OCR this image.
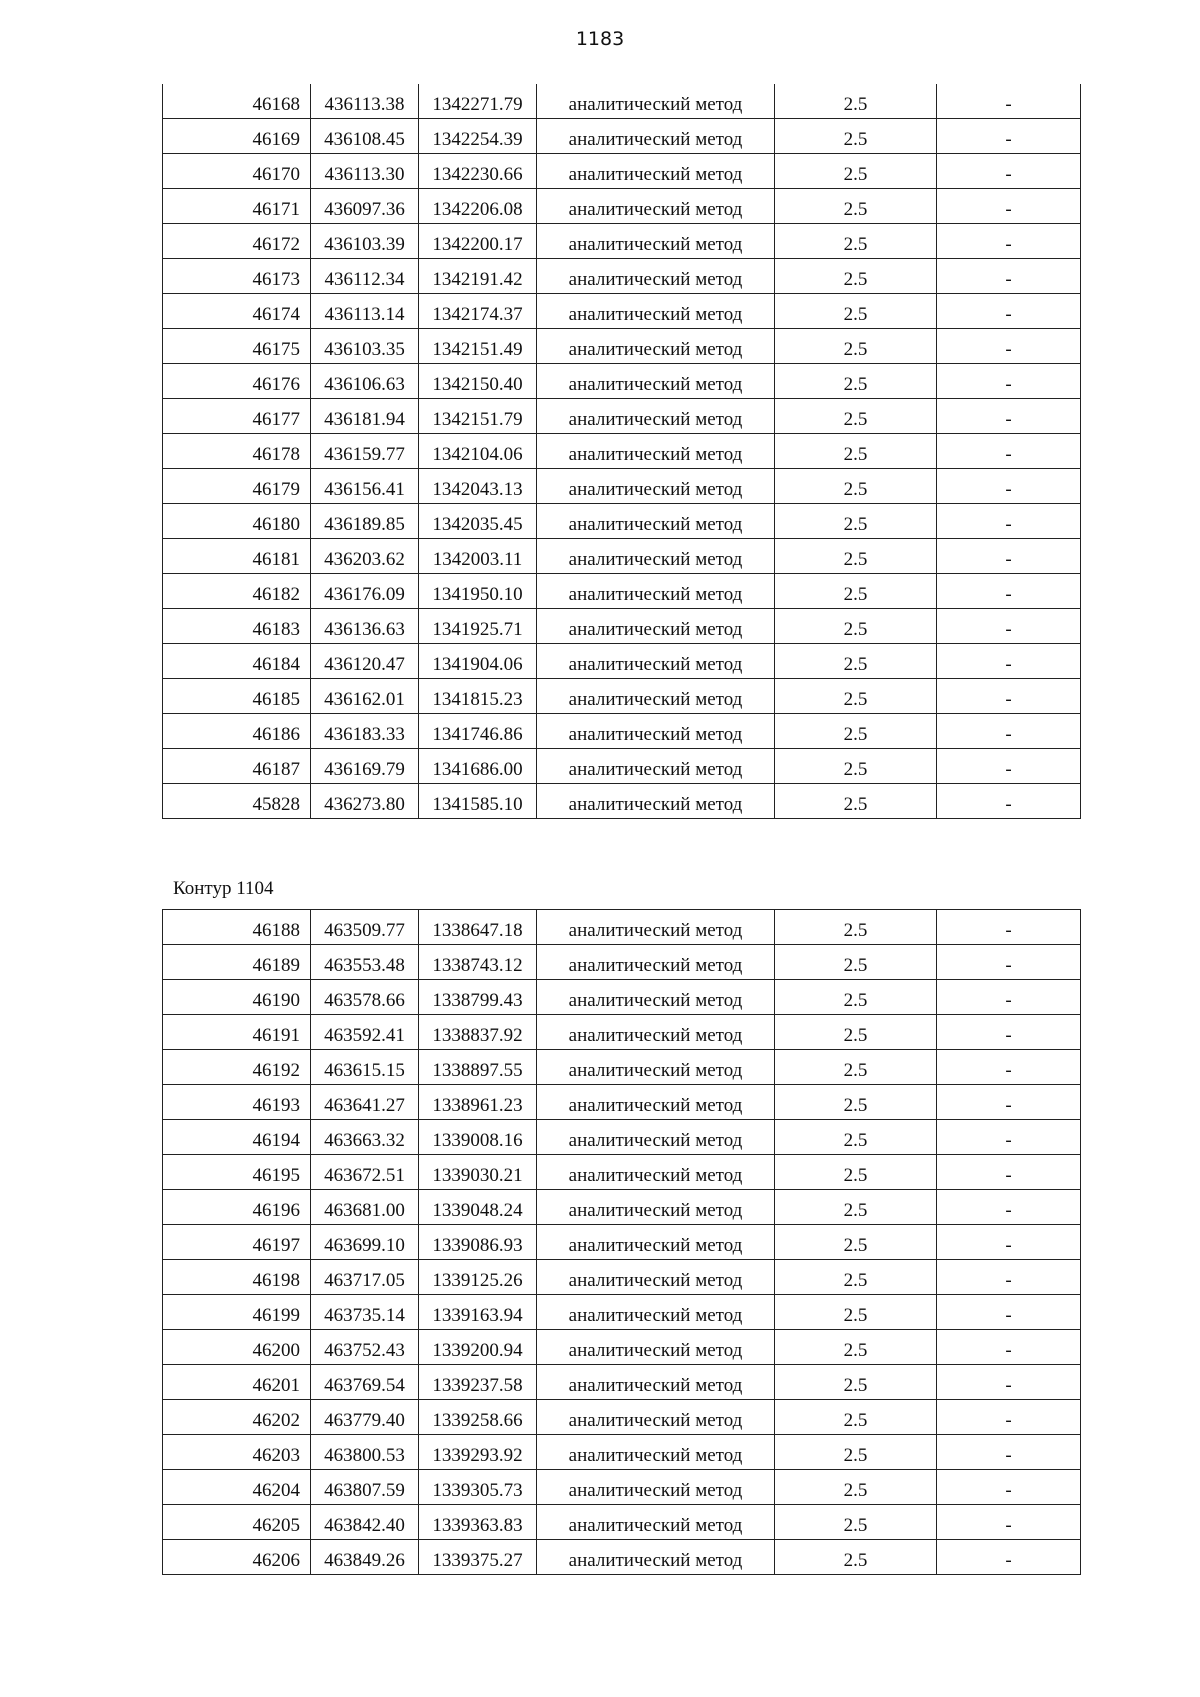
1183
46168	436113.38	1342271.79	аналитический метод	2.5	-
46169	436108.45	1342254.39	аналитический метод	2.5	-
46170	436113.30	1342230.66	аналитический метод	2.5	-
46171	436097.36	1342206.08	аналитический метод	2.5	-
46172	436103.39	1342200.17	аналитический метод	2.5	-
46173	436112.34	1342191.42	аналитический метод	2.5	-
46174	436113.14	1342174.37	аналитический метод	2.5	-
46175	436103.35	1342151.49	аналитический метод	2.5	-
46176	436106.63	1342150.40	аналитический метод	2.5	-
46177	436181.94	1342151.79	аналитический метод	2.5	-
46178	436159.77	1342104.06	аналитический метод	2.5	-
46179	436156.41	1342043.13	аналитический метод	2.5	-
46180	436189.85	1342035.45	аналитический метод	2.5	-
46181	436203.62	1342003.11	аналитический метод	2.5	-
46182	436176.09	1341950.10	аналитический метод	2.5	-
46183	436136.63	1341925.71	аналитический метод	2.5	-
46184	436120.47	1341904.06	аналитический метод	2.5	-
46185	436162.01	1341815.23	аналитический метод	2.5	-
46186	436183.33	1341746.86	аналитический метод	2.5	-
46187	436169.79	1341686.00	аналитический метод	2.5	-
45828	436273.80	1341585.10	аналитический метод	2.5	-
Контур 1104
46188	463509.77	1338647.18	аналитический метод	2.5	-
46189	463553.48	1338743.12	аналитический метод	2.5	-
46190	463578.66	1338799.43	аналитический метод	2.5	-
46191	463592.41	1338837.92	аналитический метод	2.5	-
46192	463615.15	1338897.55	аналитический метод	2.5	-
46193	463641.27	1338961.23	аналитический метод	2.5	-
46194	463663.32	1339008.16	аналитический метод	2.5	-
46195	463672.51	1339030.21	аналитический метод	2.5	-
46196	463681.00	1339048.24	аналитический метод	2.5	-
46197	463699.10	1339086.93	аналитический метод	2.5	-
46198	463717.05	1339125.26	аналитический метод	2.5	-
46199	463735.14	1339163.94	аналитический метод	2.5	-
46200	463752.43	1339200.94	аналитический метод	2.5	-
46201	463769.54	1339237.58	аналитический метод	2.5	-
46202	463779.40	1339258.66	аналитический метод	2.5	-
46203	463800.53	1339293.92	аналитический метод	2.5	-
46204	463807.59	1339305.73	аналитический метод	2.5	-
46205	463842.40	1339363.83	аналитический метод	2.5	-
46206	463849.26	1339375.27	аналитический метод	2.5	-
